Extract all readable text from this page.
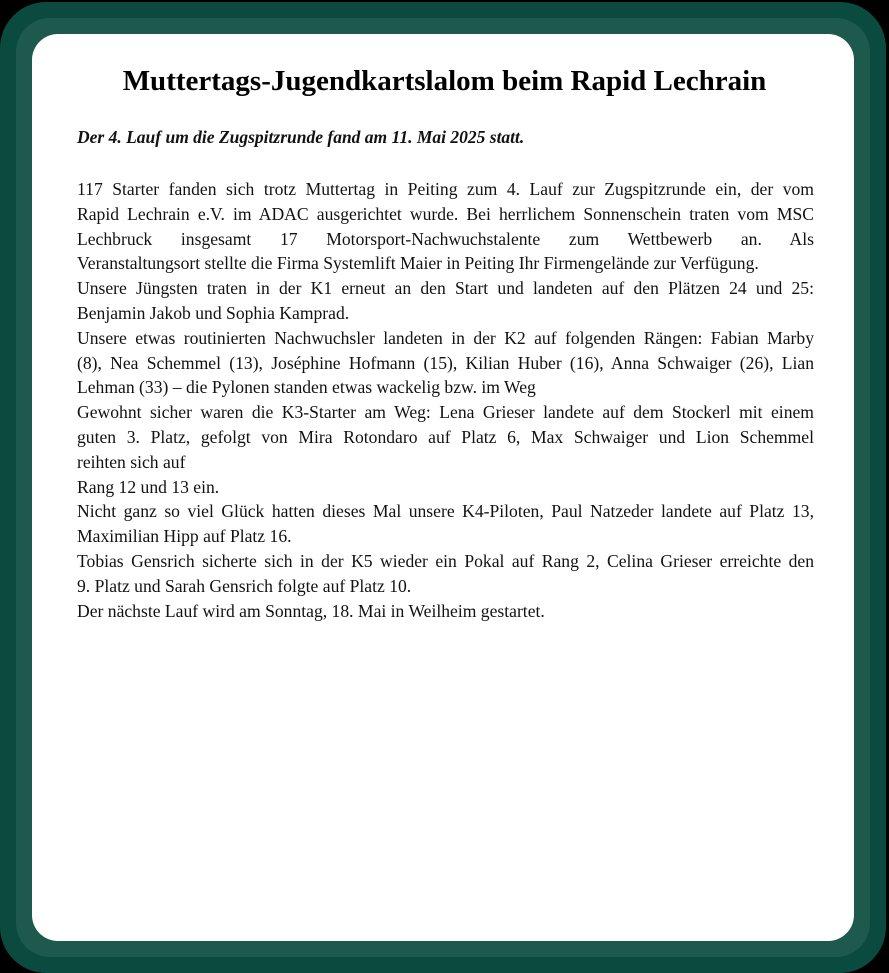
Muttertags-Jugendkartslalom beim Rapid Lechrain

Der 4. Lauf um die Zugspitzrunde fand am 11. Mai 2025 statt.

117 Starter fanden sich trotz Muttertag in Peiting zum 4. Lauf zur Zugspitzrunde ein, der vom
Rapid Lechrain e.V. im ADAC ausgerichtet wurde. Bei herrlichem Sonnenschein traten vom MSC
Lechbruck insgesamt 17 Motorsport-Nachwuchstalente zum Wettbewerb an. Als
Veranstaltungsort stellte die Firma Systemlift Maier in Peiting Ihr Firmengelände zur Verfügung.
Unsere Jüngsten traten in der K1 erneut an den Start und landeten auf den Plätzen 24 und 25:
Benjamin Jakob und Sophia Kamprad.
Unsere etwas routinierten Nachwuchsler landeten in der K2 auf folgenden Rängen: Fabian Marby
(8), Nea Schemmel (13), Joséphine Hofmann (15), Kilian Huber (16), Anna Schwaiger (26), Lian
Lehman (33) – die Pylonen standen etwas wackelig bzw. im Weg
Gewohnt sicher waren die K3-Starter am Weg: Lena Grieser landete auf dem Stockerl mit einem
guten 3. Platz, gefolgt von Mira Rotondaro auf Platz 6, Max Schwaiger und Lion Schemmel
reihten sich auf
Rang 12 und 13 ein.
Nicht ganz so viel Glück hatten dieses Mal unsere K4-Piloten, Paul Natzeder landete auf Platz 13,
Maximilian Hipp auf Platz 16.
Tobias Gensrich sicherte sich in der K5 wieder ein Pokal auf Rang 2, Celina Grieser erreichte den
9. Platz und Sarah Gensrich folgte auf Platz 10.
Der nächste Lauf wird am Sonntag, 18. Mai in Weilheim gestartet.
